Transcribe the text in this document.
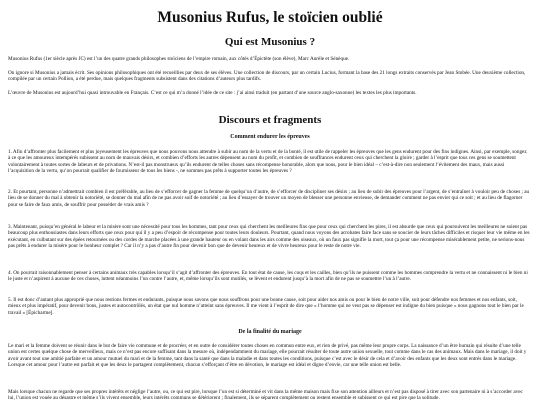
Musonius Rufus, le stoïcien oublié
Qui est Musonius ?

Musonius Rufus (1er siècle après JC) est l’un des quatre grands philosophes stoïciens de l’empire romain, aux côtés d’Épictète (son élève), Marc Aurèle et Sénèque.

On ignore si Musonius a jamais écrit. Ses opinions philosophiques ont été recueillies par deux de ses élèves. Une collection de discours, par un certain Lucius, formant la base des 21 longs extraits conservés par Jean Stobée. Une deuxième collection, compilée par un certain Pollion, a été perdue, mais quelques fragments subsistent dans des citations d’auteurs plus tardifs.

L’œuvre de Musonius est aujourd’hui quasi introuvable en Français. C’est ce qui m’a donné l’idée de ce site : j’ai ainsi traduit (en partant d’une source anglo-saxonne) les textes les plus importants.

Discours et fragments
Comment endurer les épreuves

1. Afin d’affronter plus facilement et plus joyeusement les épreuves que nous pouvons nous attendre à subir au nom de la vertu et de la bonté, il est utile de rappeler les épreuves que les gens endurent pour des fins indignes. Ainsi, par exemple, songez à ce que les amoureux intempérés subissent au nom de mauvais désirs, et combien d’efforts les autres dépensent au nom du profit, et combien de souffrances endurent ceux qui cherchent la gloire ; garder à l’esprit que tous ces gens se soumettent volontairement à toutes sortes de labeurs et de privations. N’est-il pas monstrueux qu’ils endurent de telles choses sans récompense honorable, alors que nous, pour le bien idéal – c’est-à-dire non seulement l’évitement des maux, mais aussi l’acquisition de la vertu, qu’on pourrait qualifier de fournisseur de tous les biens -, ne sommes pas prêts à supporter toutes les épreuves ?

2. Et pourtant, personne n’admettrait combien il est préférable, au lieu de s’efforcer de gagner la femme de quelqu’un d’autre, de s’efforcer de discipliner ses désirs ; au lieu de subir des épreuves pour l’argent, de s’entraîner à vouloir peu de choses ; au lieu de se donner du mal à obtenir la notoriété, se donner du mal afin de ne pas avoir soif de notoriété ; au lieu d’essayer de trouver un moyen de blesser une personne envieuse, de demander comment ne pas envier qui ce soit ; et au lieu de flagorner pour se faire de faux amis, de souffrir pour posséder de vrais amis ?

3. Maintenant, puisqu’en général le labeur et la misère sont une nécessité pour tous les hommes, tant pour ceux qui cherchent les meilleures fins que pour ceux qui cherchent les pires, il est absurde que ceux qui poursuivent les meilleures ne soient pas beaucoup plus enthousiastes dans leurs efforts que ceux pour qui il y a peu d’espoir de récompense pour toutes leurs douleurs. Pourtant, quand nous voyons des acrobates faire face sans se soucier de leurs tâches difficiles et risquer leur vie même en les exécutant, en culbutant sur des épées retournées ou des cordes de marche placées à une grande hauteur ou en volant dans les airs comme des oiseaux, où un faux pas signifie la mort, tout ça pour une récompense misérablement petite, ne serions-nous pas prêts à endurer la misère pour le bonheur complet ? Car il n’y a pas d’autre fin pour devenir bon que de devenir heureux et de vivre heureux pour le reste de notre vie.

4. On pourrait raisonnablement penser à certains animaux très capables lorsqu’il s’agit d’affronter des épreuves. En tout état de cause, les coqs et les cailles, bien qu’ils ne puissent comme les hommes comprendre la vertu et ne connaissent ni le bien ni le juste et n’aspirent à aucune de ces choses, luttent néanmoins l’un contre l’autre, et, même lorsqu’ils sont mutilés, se lèvent et endurent jusqu’à la mort afin de ne pas se soumettre l’un à l’autre.

5. Il est donc d’autant plus approprié que nous restions fermes et endurants, puisque nous savons que nous souffrons pour une bonne cause, soit pour aider nos amis ou pour le bien de notre ville, soit pour défendre nos femmes et nos enfants, soit, mieux et plus impératif, pour devenir bons, justes et autocontrôlés, un état que nul homme n’atteint sans épreuves. Il me vient à l’esprit de dire que « l’homme qui ne veut pas se dépenser est indigne du bien puisque « nous gagnons tout le bien par le travail » [Épicharme].

De la finalité du mariage

Le mari et la femme doivent se réunir dans le but de faire vie commune et de procréer, et en outre de considérer toutes choses en commun entre eux, et rien de privé, pas même leur propre corps. La naissance d’un être humain qui résulte d’une telle union est certes quelque chose de merveilleux, mais ce n’est pas encore suffisant dans la mesure où, indépendamment du mariage, elle pourrait résulter de toute autre union sexuelle, tout comme dans le cas des animaux. Mais dans le mariage, il doit y avoir avant tout une amitié parfaite et un amour mutuel du mari et de la femme, tant dans la santé que dans la maladie et dans toutes les conditions, puisque c’est avec le désir de cela et d’avoir des enfants que les deux sont entrés dans le mariage. Lorsque cet amour pour l’autre est parfait et que les deux le partagent complètement, chacun s’efforçant d’être en dévotion, le mariage est idéal et digne d’envie, car une telle union est belle.

Mais lorsque chacun ne regarde que ses propres intérêts et néglige l’autre, ou, ce qui est pire, lorsque l’un est si déterminé et vit dans la même maison mais fixe son attention ailleurs et n’est pas disposé à tirer avec son partenaire ni à s’accorder avec lui, l’union est vouée au désastre et même s’ils vivent ensemble, leurs intérêts communs se détériorent ; finalement, ils se séparent complètement ou restent ensemble et subissent ce qui est pire que la solitude.
